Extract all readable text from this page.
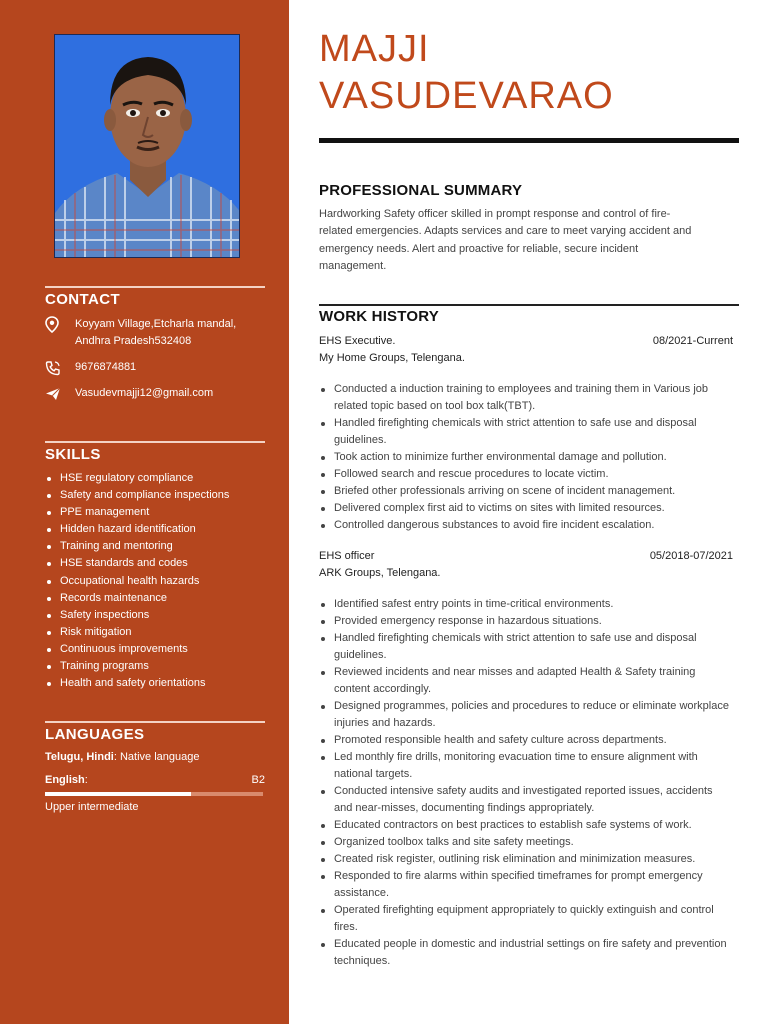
CONTACT
Koyyam Village,Etcharla mandal,
Andhra Pradesh532408
9676874881
Vasudevmajji12@gmail.com
SKILLS
HSE regulatory compliance
Safety and compliance inspections
PPE management
Hidden hazard identification
Training and mentoring
HSE standards and codes
Occupational health hazards
Records maintenance
Safety inspections
Risk mitigation
Continuous improvements
Training programs
Health and safety orientations
LANGUAGES
Telugu, Hindi: Native language
English:	B2
Upper intermediate
MAJJI
VASUDEVARAO
PROFESSIONAL SUMMARY

Hardworking Safety officer skilled in prompt response and control of fire-
related emergencies. Adapts services and care to meet varying accident and
emergency needs. Alert and proactive for reliable, secure incident
management.

WORK HISTORY
EHS Executive.	08/2021-Current
My Home Groups, Telengana.
Conducted a induction training to employees and training them in Various job related topic based on tool box talk(TBT).
Handled firefighting chemicals with strict attention to safe use and disposal guidelines.
Took action to minimize further environmental damage and pollution.
Followed search and rescue procedures to locate victim.
Briefed other professionals arriving on scene of incident management.
Delivered complex first aid to victims on sites with limited resources.
Controlled dangerous substances to avoid fire incident escalation.
EHS officer	05/2018-07/2021
ARK Groups, Telengana.
Identified safest entry points in time-critical environments.
Provided emergency response in hazardous situations.
Handled firefighting chemicals with strict attention to safe use and disposal guidelines.
Reviewed incidents and near misses and adapted Health & Safety training content accordingly.
Designed programmes, policies and procedures to reduce or eliminate workplace injuries and hazards.
Promoted responsible health and safety culture across departments.
Led monthly fire drills, monitoring evacuation time to ensure alignment with national targets.
Conducted intensive safety audits and investigated reported issues, accidents and near-misses, documenting findings appropriately.
Educated contractors on best practices to establish safe systems of work.
Organized toolbox talks and site safety meetings.
Created risk register, outlining risk elimination and minimization measures.
Responded to fire alarms within specified timeframes for prompt emergency assistance.
Operated firefighting equipment appropriately to quickly extinguish and control fires.
Educated people in domestic and industrial settings on fire safety and prevention techniques.
